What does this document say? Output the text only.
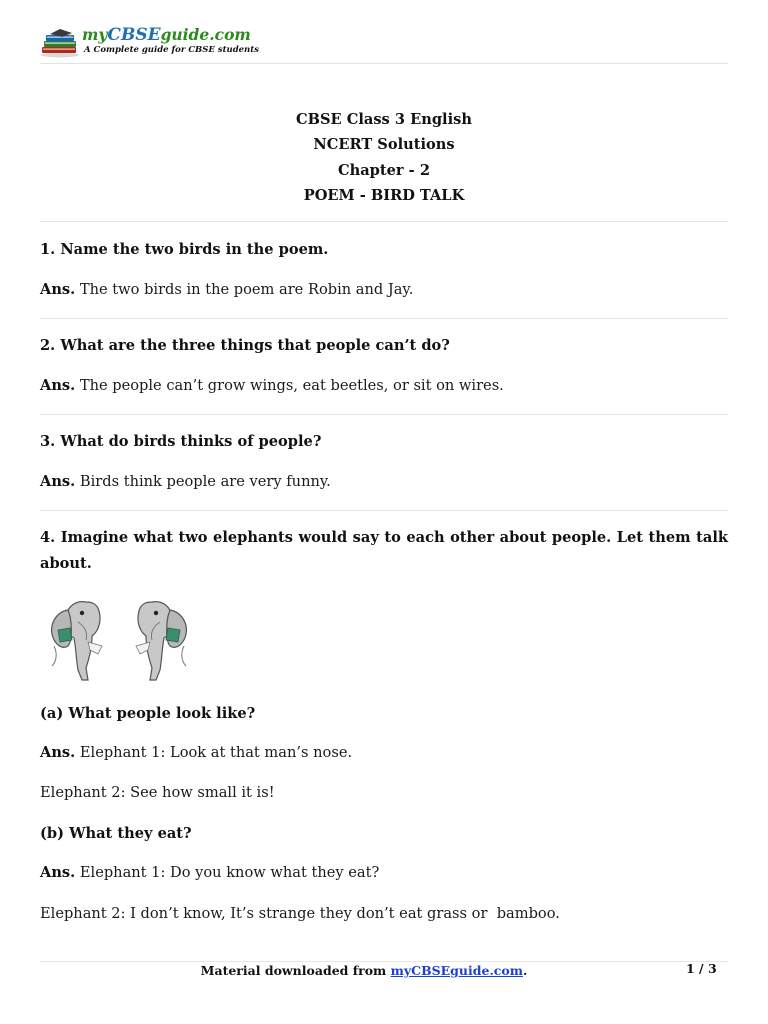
myCBSEguide.com
A Complete guide for CBSE students
CBSE Class 3 English
NCERT Solutions
Chapter - 2
POEM - BIRD TALK
1. Name the two birds in the poem.
Ans. The two birds in the poem are Robin and Jay.
2. What are the three things that people can’t do?
Ans. The people can’t grow wings, eat beetles, or sit on wires.
3. What do birds thinks of people?
Ans. Birds think people are very funny.
4. Imagine what two elephants would say to each other about people. Let them talk about.
(a) What people look like?
Ans. Elephant 1: Look at that man’s nose.
Elephant 2: See how small it is!
(b) What they eat?
Ans. Elephant 1: Do you know what they eat?
Elephant 2: I don’t know, It’s strange they don’t eat grass or  bamboo.
Material downloaded from myCBSEguide.com.	1 / 3
